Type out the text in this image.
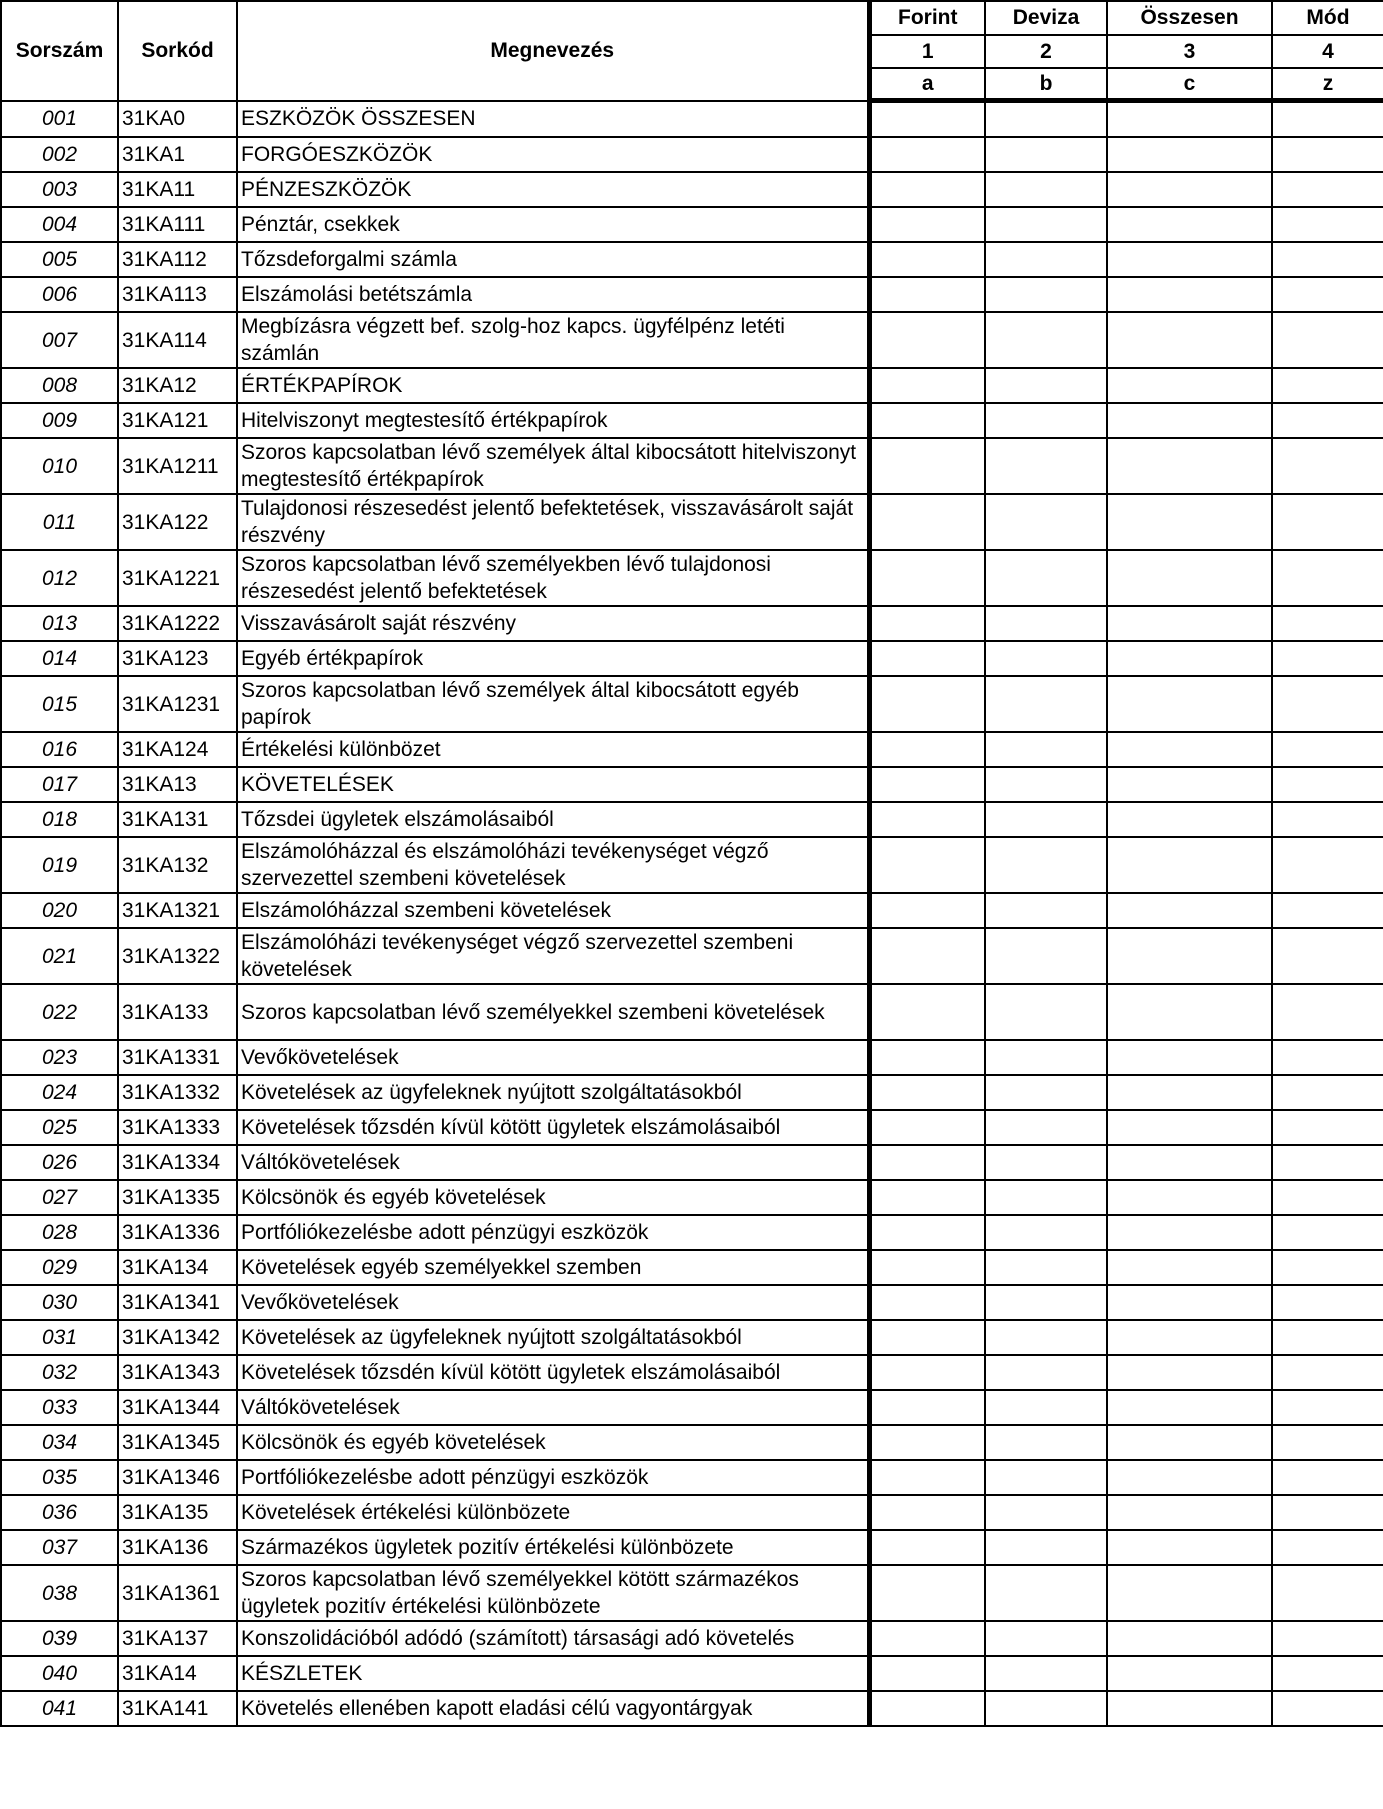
Sorszám	Sorkód	Megnevezés	Forint	Deviza	Összesen	Mód
			1	2	3	4
			a	b	c	z
001	31KA0	ESZKÖZÖK ÖSSZESEN				
002	31KA1	FORGÓESZKÖZÖK				
003	31KA11	PÉNZESZKÖZÖK				
004	31KA111	Pénztár, csekkek				
005	31KA112	Tőzsdeforgalmi számla				
006	31KA113	Elszámolási betétszámla				
007	31KA114	Megbízásra végzett bef. szolg-hoz kapcs. ügyfélpénz letéti számlán				
008	31KA12	ÉRTÉKPAPÍROK				
009	31KA121	Hitelviszonyt megtestesítő értékpapírok				
010	31KA1211	Szoros kapcsolatban lévő személyek által kibocsátott hitelviszonyt megtestesítő értékpapírok				
011	31KA122	Tulajdonosi részesedést jelentő befektetések, visszavásárolt saját részvény				
012	31KA1221	Szoros kapcsolatban lévő személyekben lévő tulajdonosi részesedést jelentő befektetések				
013	31KA1222	Visszavásárolt saját részvény				
014	31KA123	Egyéb értékpapírok				
015	31KA1231	Szoros kapcsolatban lévő személyek által kibocsátott egyéb papírok				
016	31KA124	Értékelési különbözet				
017	31KA13	KÖVETELÉSEK				
018	31KA131	Tőzsdei ügyletek elszámolásaiból				
019	31KA132	Elszámolóházzal és elszámolóházi tevékenységet végző szervezettel szembeni követelések				
020	31KA1321	Elszámolóházzal szembeni követelések				
021	31KA1322	Elszámolóházi tevékenységet végző szervezettel szembeni követelések				
022	31KA133	Szoros kapcsolatban lévő személyekkel szembeni követelések				
023	31KA1331	Vevőkövetelések				
024	31KA1332	Követelések az ügyfeleknek nyújtott szolgáltatásokból				
025	31KA1333	Követelések tőzsdén kívül kötött ügyletek elszámolásaiból				
026	31KA1334	Váltókövetelések				
027	31KA1335	Kölcsönök és egyéb követelések				
028	31KA1336	Portfóliókezelésbe adott pénzügyi eszközök				
029	31KA134	Követelések egyéb személyekkel szemben				
030	31KA1341	Vevőkövetelések				
031	31KA1342	Követelések az ügyfeleknek nyújtott szolgáltatásokból				
032	31KA1343	Követelések tőzsdén kívül kötött ügyletek elszámolásaiból				
033	31KA1344	Váltókövetelések				
034	31KA1345	Kölcsönök és egyéb követelések				
035	31KA1346	Portfóliókezelésbe adott pénzügyi eszközök				
036	31KA135	Követelések értékelési különbözete				
037	31KA136	Származékos ügyletek pozitív értékelési különbözete				
038	31KA1361	Szoros kapcsolatban lévő személyekkel kötött származékos ügyletek pozitív értékelési különbözete				
039	31KA137	Konszolidációból adódó (számított) társasági adó követelés				
040	31KA14	KÉSZLETEK				
041	31KA141	Követelés ellenében kapott eladási célú vagyontárgyak				
